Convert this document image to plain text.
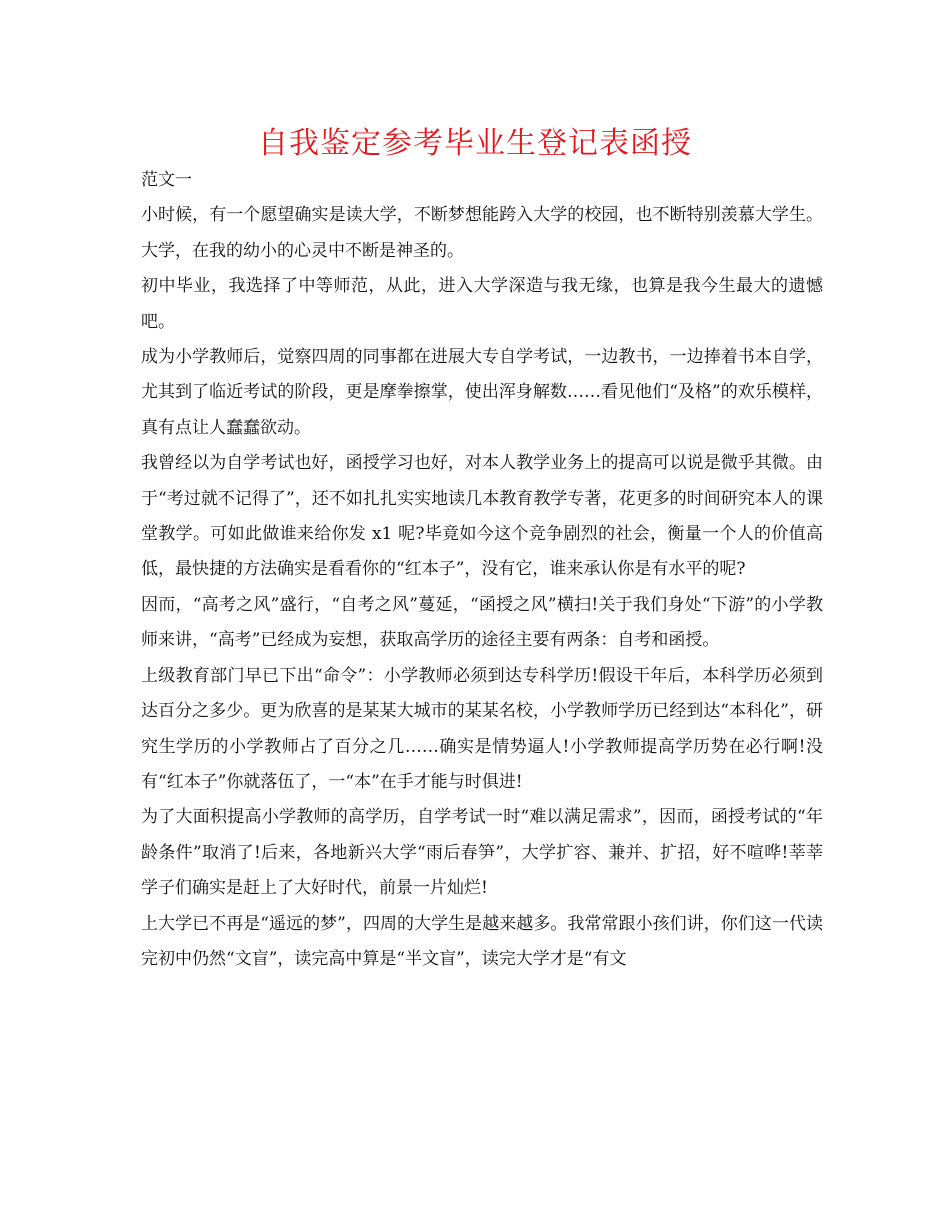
自我鉴定参考毕业生登记表函授

范文一

小时候，有一个愿望确实是读大学，不断梦想能跨入大学的校园，也不断特别羡慕大学生。大学，在我的幼小的心灵中不断是神圣的。

初中毕业，我选择了中等师范，从此，进入大学深造与我无缘，也算是我今生最大的遗憾吧。

成为小学教师后，觉察四周的同事都在进展大专自学考试，一边教书，一边捧着书本自学，尤其到了临近考试的阶段，更是摩拳擦掌，使出浑身解数……看见他们“及格”的欢乐模样，真有点让人蠢蠢欲动。

我曾经以为自学考试也好，函授学习也好，对本人教学业务上的提高可以说是微乎其微。由于“考过就不记得了”，还不如扎扎实实地读几本教育教学专著，花更多的时间研究本人的课堂教学。可如此做谁来给你发 x1 呢?毕竟如今这个竞争剧烈的社会，衡量一个人的价值高低，最快捷的方法确实是看看你的“红本子”，没有它，谁来承认你是有水平的呢?

因而，“高考之风”盛行，“自考之风”蔓延，“函授之风”横扫!关于我们身处“下游”的小学教师来讲，“高考”已经成为妄想，获取高学历的途径主要有两条：自考和函授。

上级教育部门早已下出“命令”：小学教师必须到达专科学历!假设干年后，本科学历必须到达百分之多少。更为欣喜的是某某大城市的某某名校，小学教师学历已经到达“本科化”，研究生学历的小学教师占了百分之几……确实是情势逼人!小学教师提高学历势在必行啊!没有“红本子”你就落伍了，一“本”在手才能与时俱进!

为了大面积提高小学教师的高学历，自学考试一时“难以满足需求”，因而，函授考试的“年龄条件”取消了!后来，各地新兴大学“雨后春笋”，大学扩容、兼并、扩招，好不喧哗!莘莘学子们确实是赶上了大好时代，前景一片灿烂!

上大学已不再是“遥远的梦”，四周的大学生是越来越多。我常常跟小孩们讲，你们这一代读完初中仍然“文盲”，读完高中算是“半文盲”，读完大学才是“有文
